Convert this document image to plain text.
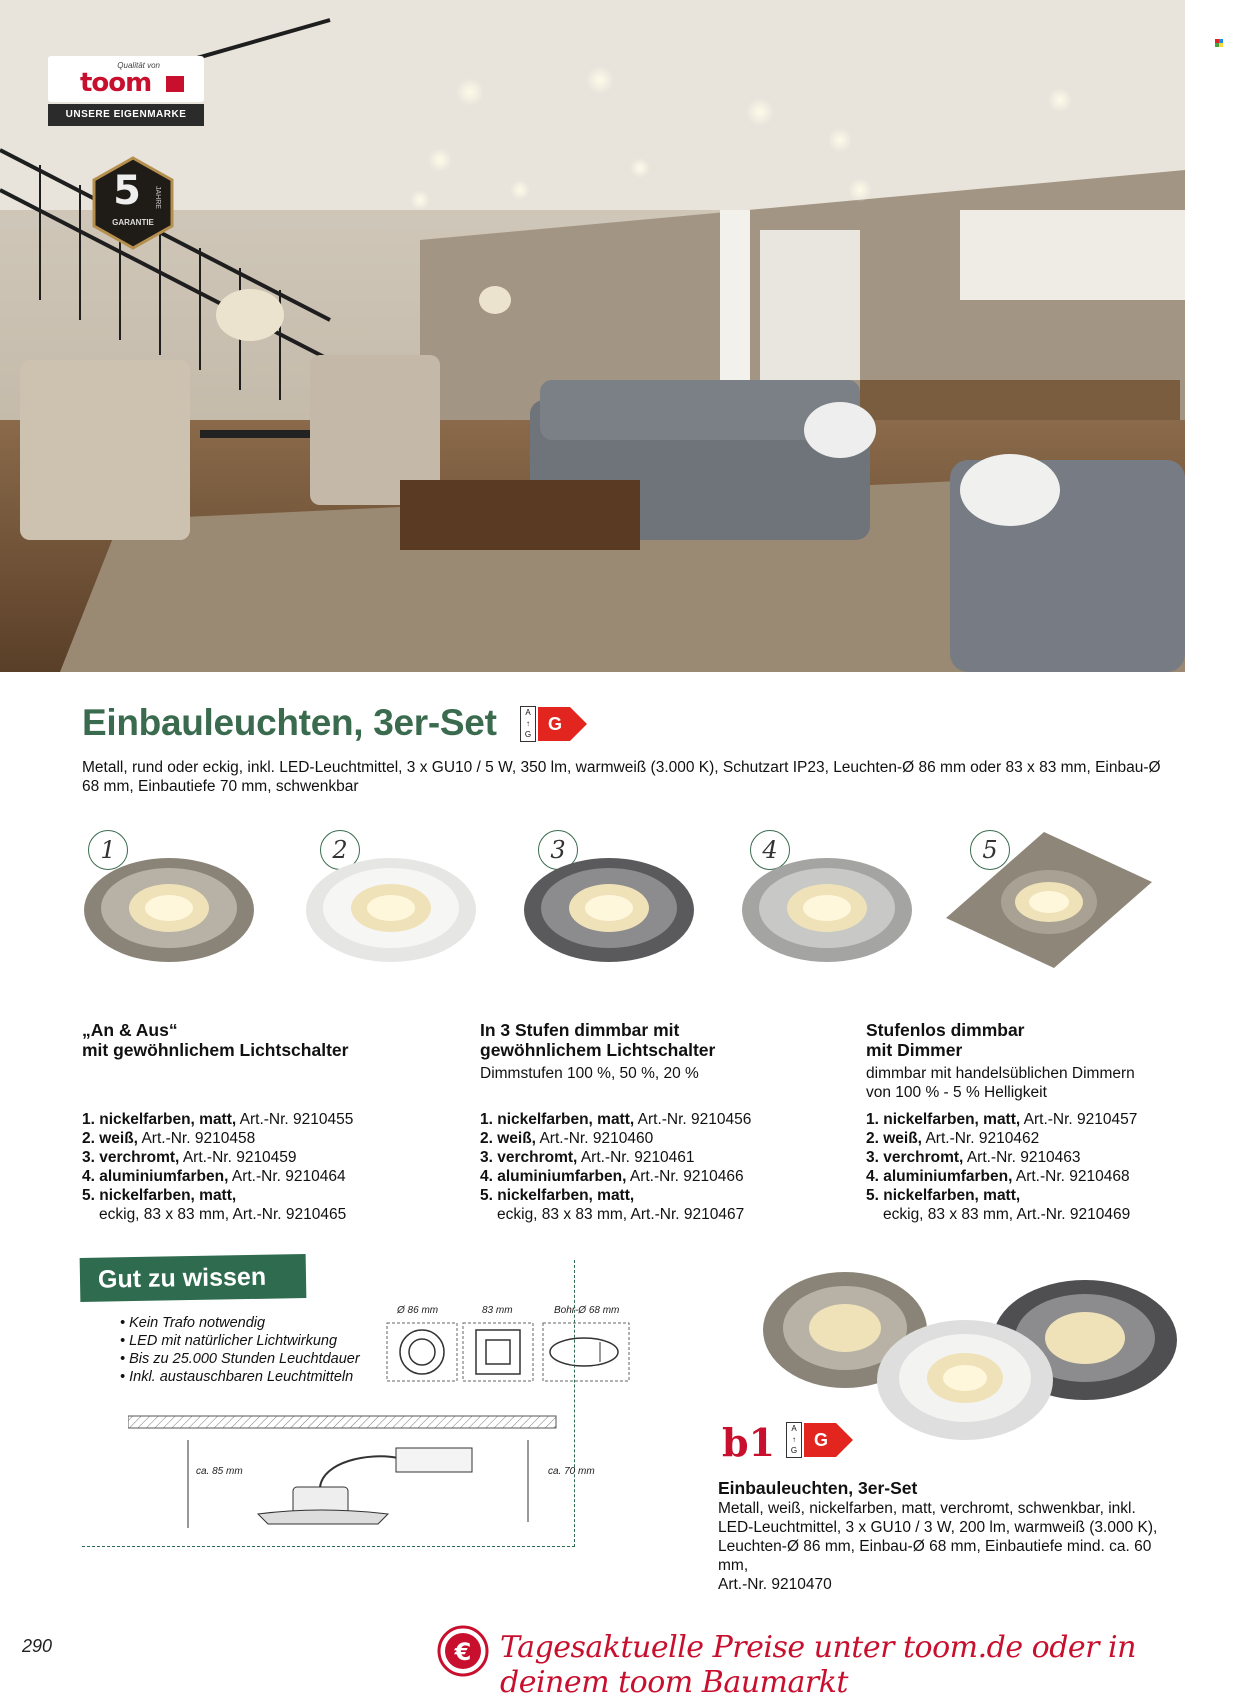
Qualität von
toom
UNSERE EIGENMARKE
5	JAHRE
GARANTIE
Einbauleuchten, 3er-Set	A
↑
G
G
Metall, rund oder eckig, inkl. LED-Leuchtmittel, 3 x GU10 / 5 W, 350 lm, warmweiß (3.000 K), Schutzart IP23, Leuchten-Ø 86 mm oder 83 x 83 mm, Einbau-Ø 68 mm, Einbautiefe 70 mm, schwenkbar
1	2	3	4	5
„An & Aus“
mit gewöhnlichem Lichtschalter
1. nickelfarben, matt, Art.-Nr. 9210455
2. weiß, Art.-Nr. 9210458
3. verchromt, Art.-Nr. 9210459
4. aluminiumfarben, Art.-Nr. 9210464
5. nickelfarben, matt,
eckig, 83 x 83 mm, Art.-Nr. 9210465
In 3 Stufen dimmbar mit
gewöhnlichem Lichtschalter
Dimmstufen 100 %, 50 %, 20 %
1. nickelfarben, matt, Art.-Nr. 9210456
2. weiß, Art.-Nr. 9210460
3. verchromt, Art.-Nr. 9210461
4. aluminiumfarben, Art.-Nr. 9210466
5. nickelfarben, matt,
eckig, 83 x 83 mm, Art.-Nr. 9210467
Stufenlos dimmbar
mit Dimmer
dimmbar mit handelsüblichen Dimmern
von 100 % - 5 % Helligkeit
1. nickelfarben, matt, Art.-Nr. 9210457
2. weiß, Art.-Nr. 9210462
3. verchromt, Art.-Nr. 9210463
4. aluminiumfarben, Art.-Nr. 9210468
5. nickelfarben, matt,
eckig, 83 x 83 mm, Art.-Nr. 9210469
Gut zu wissen
• Kein Trafo notwendig
• LED mit natürlicher Lichtwirkung
• Bis zu 25.000 Stunden Leuchtdauer
• Inkl. austauschbaren Leuchtmitteln
Ø 86 mm	83 mm	Bohr-Ø 68 mm
ca. 85 mm	ca. 70 mm
b1	A
↑
G
G
Einbauleuchten, 3er-Set
Metall, weiß, nickelfarben, matt, verchromt, schwenkbar, inkl.
LED-Leuchtmittel, 3 x GU10 / 3 W, 200 lm, warmweiß (3.000 K),
Leuchten-Ø 86 mm, Einbau-Ø 68 mm, Einbautiefe mind. ca. 60 mm,
Art.-Nr. 9210470
290	€ Tagesaktuelle Preise unter toom.de oder in deinem toom Baumarkt
